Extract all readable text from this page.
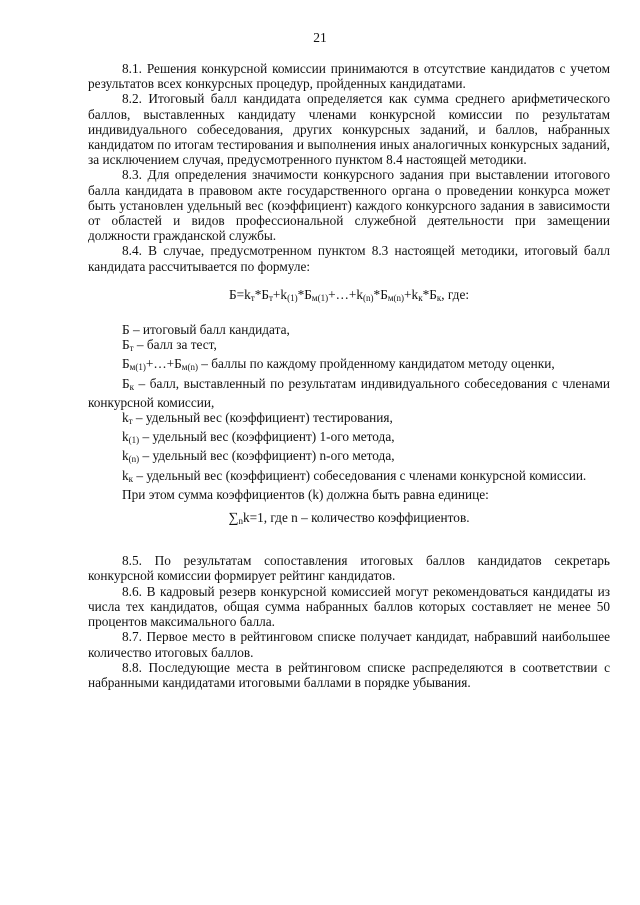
21

8.1. Решения конкурсной комиссии принимаются в отсутствие кандидатов с учетом результатов всех конкурсных процедур, пройденных кандидатами.

8.2. Итоговый балл кандидата определяется как сумма среднего арифметического баллов, выставленных кандидату членами конкурсной комиссии по результатам индивидуального собеседования, других конкурсных заданий, и баллов, набранных кандидатом по итогам тестирования и выполнения иных аналогичных конкурсных заданий, за исключением случая, предусмотренного пунктом 8.4 настоящей методики.

8.3. Для определения значимости конкурсного задания при выставлении итогового балла кандидата в правовом акте государственного органа о проведении конкурса может быть установлен удельный вес (коэффициент) каждого конкурсного задания в зависимости от областей и видов профессиональной служебной деятельности при замещении должности гражданской службы.

8.4. В случае, предусмотренном пунктом 8.3 настоящей методики, итоговый балл кандидата рассчитывается по формуле:

$Б=k_т*Б_т+k_{(1)}*Б_{м(1)}+\dots+k_{(n)}*Б_{м(n)}+k_к*Б_к$, где:

Б – итоговый балл кандидата,

$Б_т$ – балл за тест,

$Б_{м(1)}+\dots+Б_{м(n)}$ – баллы по каждому пройденному кандидатом методу оценки,

$Б_к$ – балл, выставленный по результатам индивидуального собеседования с членами конкурсной комиссии,

$k_т$ – удельный вес (коэффициент) тестирования,

$k_{(1)}$ – удельный вес (коэффициент) 1-ого метода,

$k_{(n)}$ – удельный вес (коэффициент) n-ого метода,

$k_к$ – удельный вес (коэффициент) собеседования с членами конкурсной комиссии.

При этом сумма коэффициентов (k) должна быть равна единице:

$\sum_nk=1$, где n – количество коэффициентов.

8.5. По результатам сопоставления итоговых баллов кандидатов секретарь конкурсной комиссии формирует рейтинг кандидатов.

8.6. В кадровый резерв конкурсной комиссией могут рекомендоваться кандидаты из числа тех кандидатов, общая сумма набранных баллов которых составляет не менее 50 процентов максимального балла.

8.7. Первое место в рейтинговом списке получает кандидат, набравший наибольшее количество итоговых баллов.

8.8. Последующие места в рейтинговом списке распределяются в соответствии с набранными кандидатами итоговыми баллами в порядке убывания.
